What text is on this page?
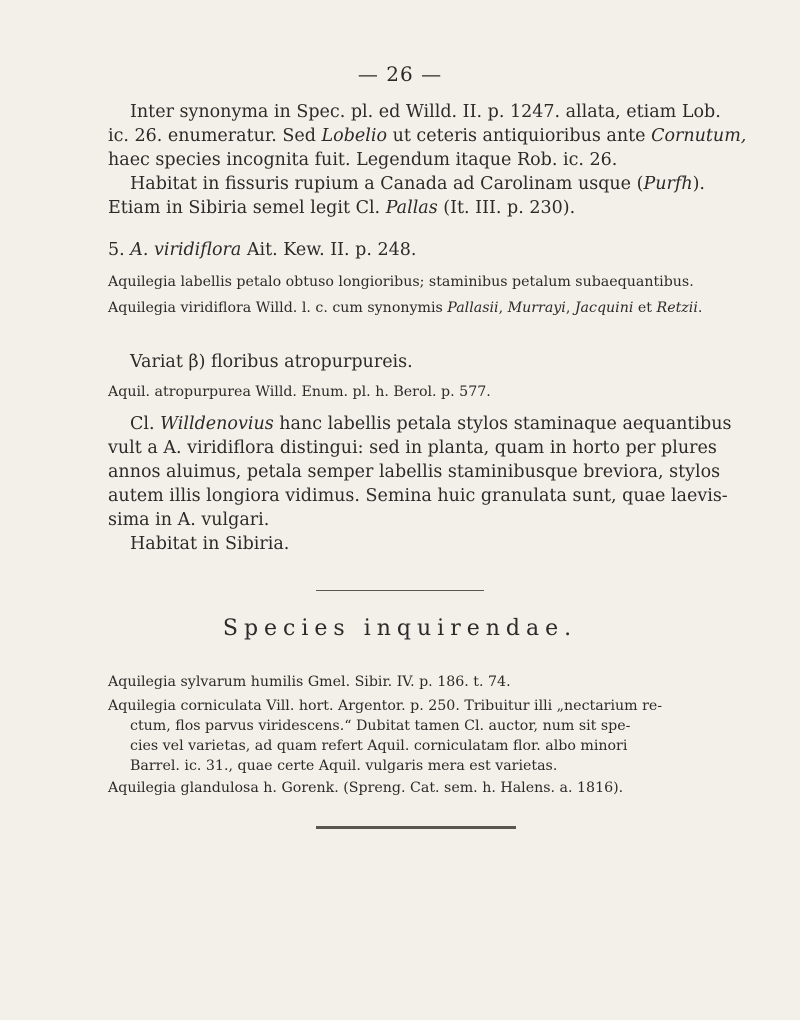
— 26 —

Inter synonyma in Spec. pl. ed Willd. II. p. 1247. allata, etiam Lob.

ic. 26. enumeratur. Sed Lobelio ut ceteris antiquioribus ante Cornutum,

haec species incognita fuit. Legendum itaque Rob. ic. 26.

Habitat in fissuris rupium a Canada ad Carolinam usque (Purfh).

Etiam in Sibiria semel legit Cl. Pallas (It. III. p. 230).

5. A. viridiflora Ait. Kew. II. p. 248.

Aquilegia labellis petalo obtuso longioribus; staminibus petalum subaequantibus.

Aquilegia viridiflora Willd. l. c. cum synonymis Pallasii, Murrayi, Jacquini et Retzii.

Variat β) floribus atropurpureis.

Aquil. atropurpurea Willd. Enum. pl. h. Berol. p. 577.

Cl. Willdenovius hanc labellis petala stylos staminaque aequantibus

vult a A. viridiflora distingui: sed in planta, quam in horto per plures

annos aluimus, petala semper labellis staminibusque breviora, stylos

autem illis longiora vidimus. Semina huic granulata sunt, quae laevis-

sima in A. vulgari.

Habitat in Sibiria.

Species inquirendae.

Aquilegia sylvarum humilis Gmel. Sibir. IV. p. 186. t. 74.

Aquilegia corniculata Vill. hort. Argentor. p. 250. Tribuitur illi „nectarium re-

ctum, flos parvus viridescens.“ Dubitat tamen Cl. auctor, num sit spe-

cies vel varietas, ad quam refert Aquil. corniculatam flor. albo minori

Barrel. ic. 31., quae certe Aquil. vulgaris mera est varietas.

Aquilegia glandulosa h. Gorenk. (Spreng. Cat. sem. h. Halens. a. 1816).
